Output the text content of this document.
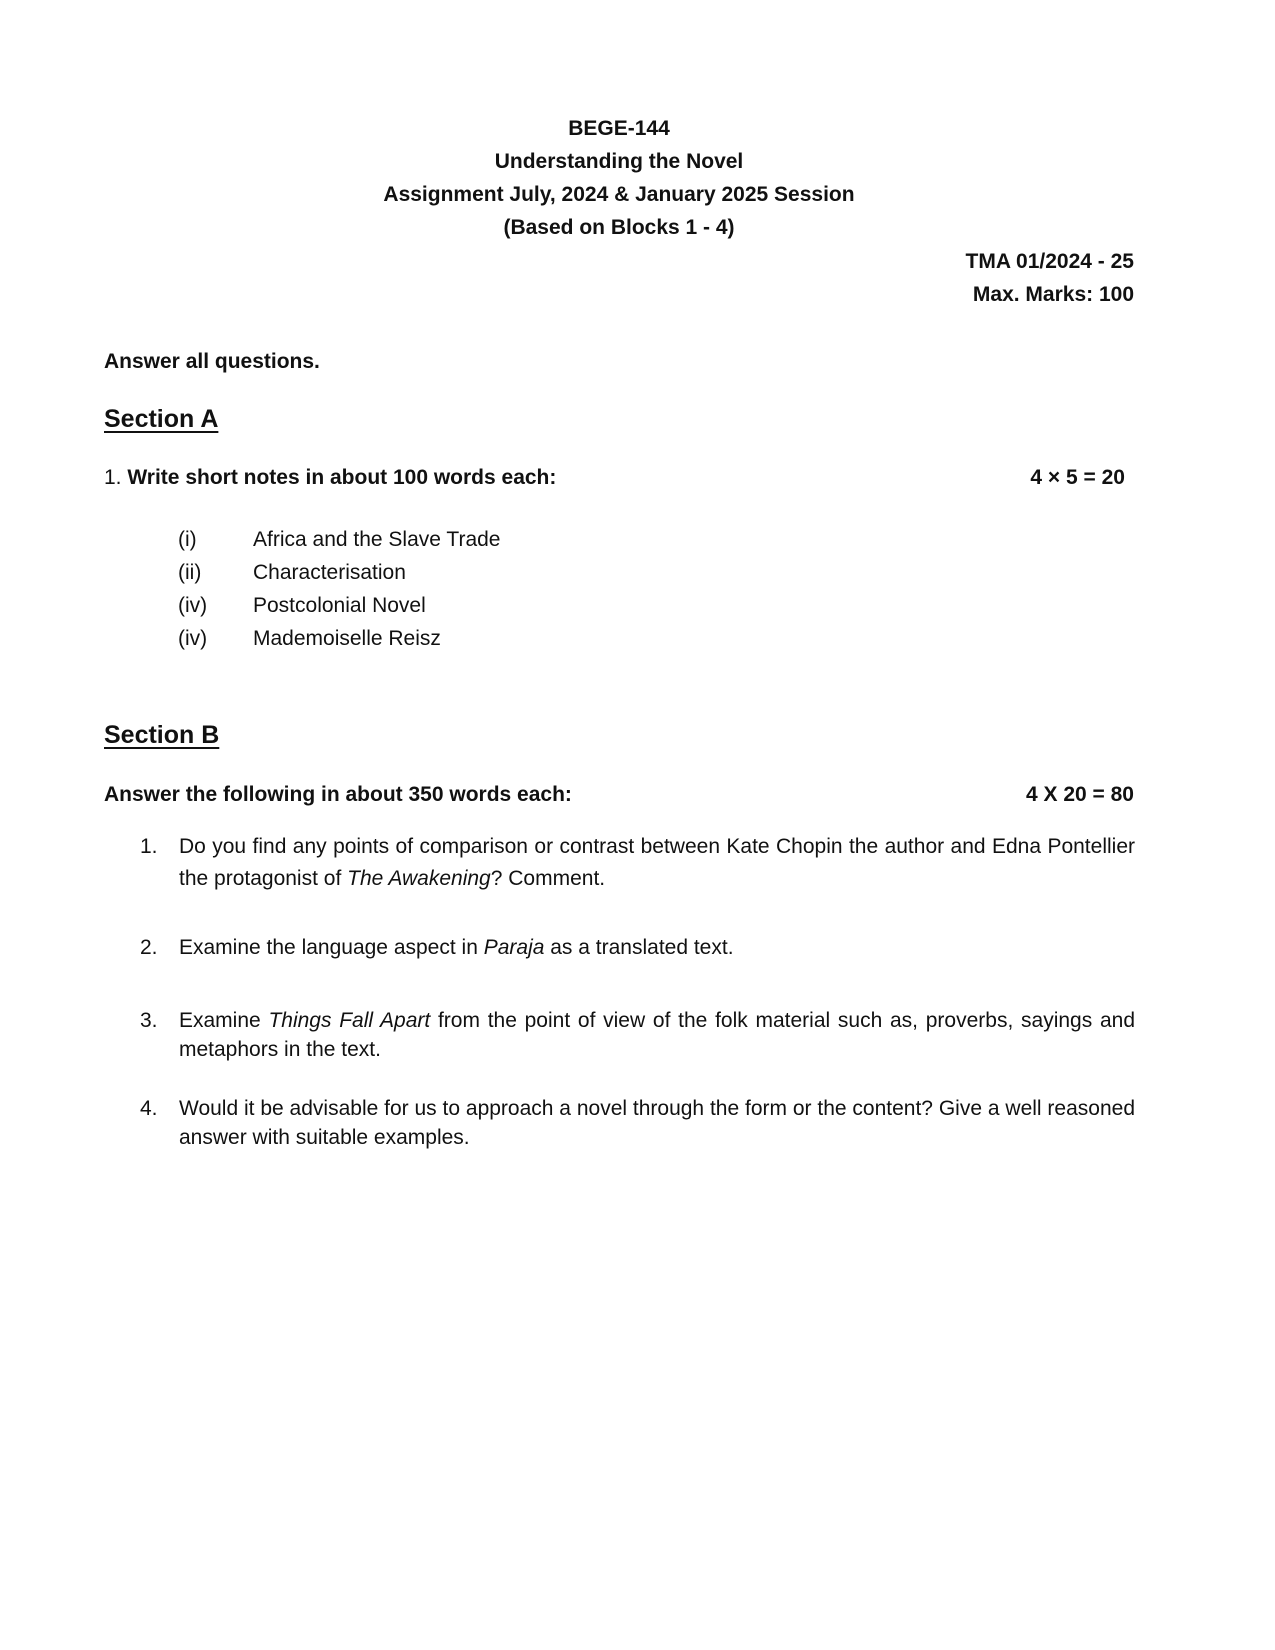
BEGE-144
Understanding the Novel
Assignment July, 2024 & January 2025 Session
(Based on Blocks 1 - 4)
TMA 01/2024 - 25
Max. Marks: 100
Answer all questions.
Section A
1. Write short notes in about 100 words each:	4 × 5 = 20
(i)	Africa and the Slave Trade
(ii) Characterisation
(iv) Postcolonial Novel
(iv) Mademoiselle Reisz
Section B
Answer the following in about 350 words each:	4 X 20 = 80
1. Do you find any points of comparison or contrast between Kate Chopin the author and Edna Pontellier the protagonist of The Awakening? Comment.
2. Examine the language aspect in Paraja as a translated text.
3. Examine Things Fall Apart from the point of view of the folk material such as, proverbs, sayings and metaphors in the text.
4. Would it be advisable for us to approach a novel through the form or the content? Give a well reasoned answer with suitable examples.
